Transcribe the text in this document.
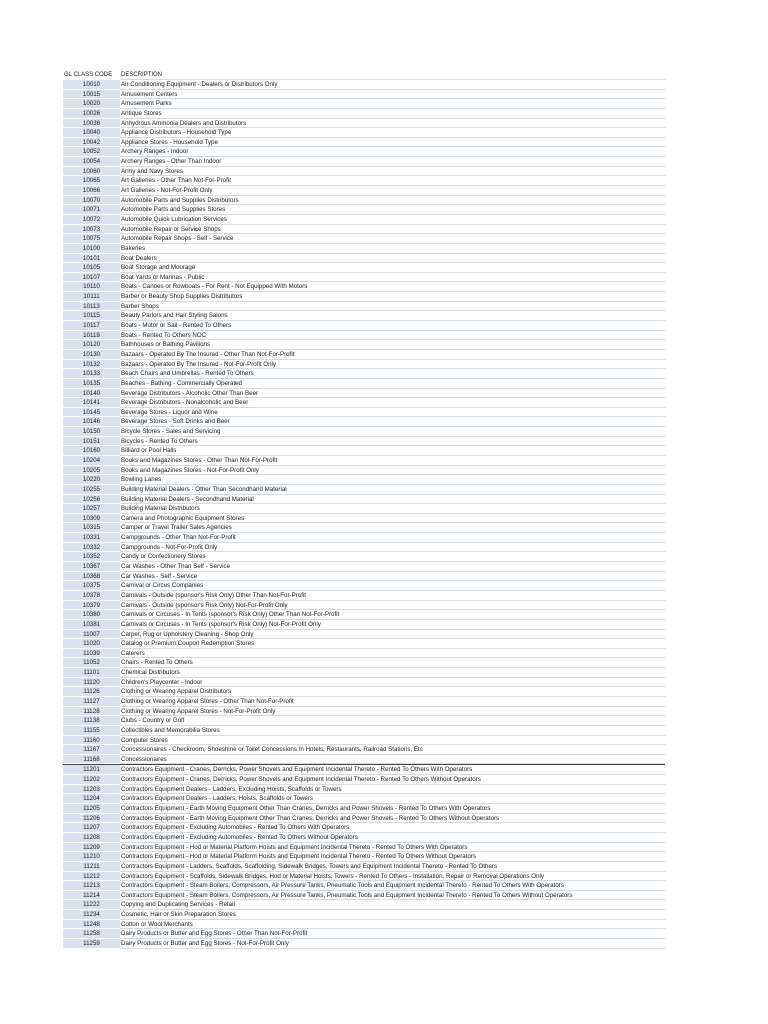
GL CLASS CODE	DESCRIPTION
10010	Air Conditioning Equipment - Dealers or Distributors Only
10015	Amusement Centers
10020	Amusement Parks
10026	Antique Stores
10036	Anhydrous Ammonia Dealers and Distributors
10040	Appliance Distributors - Household Type
10042	Appliance Stores - Household Type
10052	Archery Ranges - Indoor
10054	Archery Ranges - Other Than Indoor
10060	Army and Navy Stores
10065	Art Galleries - Other Than Not-For-Profit
10066	Art Galleries - Not-For-Profit Only
10070	Automobile Parts and Supplies Distributors
10071	Automobile Parts and Supplies Stores
10072	Automobile Quick Lubrication Services
10073	Automobile Repair or Service Shops
10075	Automobile Repair Shops - Self - Service
10100	Bakeries
10101	Boat Dealers
10105	Boat Storage and Moorage
10107	Boat Yards or Marinas - Public
10110	Boats - Canoes or Rowboats - For Rent - Not Equipped With Motors
10111	Barber or Beauty Shop Supplies Distributors
10113	Barber Shops
10115	Beauty Parlors and Hair Styling Salons
10117	Boats - Motor or Sail - Rented To Others
10119	Boats - Rented To Others NOC
10120	Bathhouses or Bathing Pavilions
10130	Bazaars - Operated By The Insured - Other Than Not-For-Profit
10132	Bazaars - Operated By The Insured - Not-For-Profit Only
10133	Beach Chairs and Umbrellas - Rented To Others
10135	Beaches - Bathing - Commercially Operated
10140	Beverage Distributors - Alcoholic Other Than Beer
10141	Beverage Distributors - Nonalcoholic and Beer
10145	Beverage Stores - Liquor and Wine
10146	Beverage Stores - Soft Drinks and Beer
10150	Bicycle Stores - Sales and Servicing
10151	Bicycles - Rented To Others
10160	Billiard or Pool Halls
10204	Books and Magazines Stores - Other Than Not-For-Profit
10205	Books and Magazines Stores - Not-For-Profit Only
10220	Bowling Lanes
10255	Building Material Dealers - Other Than Secondhand Material
10256	Building Material Dealers - Secondhand Material
10257	Building Material Distributors
10309	Camera and Photographic Equipment Stores
10315	Camper or Travel Trailer Sales Agencies
10331	Campgrounds - Other Than Not-For-Profit
10332	Campgrounds - Not-For-Profit Only
10352	Candy or Confectionery Stores
10367	Car Washes - Other Than Self - Service
10368	Car Washes - Self - Service
10375	Carnival or Circus Companies
10378	Carnivals - Outside (sponsor's Risk Only) Other Than Not-For-Profit
10379	Carnivals - Outside (sponsor's Risk Only) Not-For-Profit Only
10380	Carnivals or Circuses - In Tents (sponsor's Risk Only) Other Than Not-For-Profit
10381	Carnivals or Circuses - In Tents (sponsor's Risk Only) Not-For-Profit Only
11007	Carpet, Rug or Upholstery Cleaning - Shop Only
11020	Catalog or Premium Coupon Redemption Stores
11039	Caterers
11052	Chairs - Rented To Others
11101	Chemical Distributors
11120	Children's Playcenter - Indoor
11126	Clothing or Wearing Apparel Distributors
11127	Clothing or Wearing Apparel Stores - Other Than Not-For-Profit
11128	Clothing or Wearing Apparel Stores - Not-For-Profit Only
11138	Clubs - Country or Golf
11155	Collectibles and Memorabilia Stores
11160	Computer Stores
11167	Concessionaires - Checkroom, Shoeshine or Toilet Concessions In Hotels, Restaurants, Railroad Stations, Etc
11168	Concessionaires
11201	Contractors Equipment - Cranes, Derricks, Power Shovels and Equipment Incidental Thereto - Rented To Others With Operators
11202	Contractors Equipment - Cranes, Derricks, Power Shovels and Equipment Incidental Thereto - Rented To Others Without Operators
11203	Contractors Equipment Dealers - Ladders, Excluding Hoists, Scaffolds or Towers
11204	Contractors Equipment Dealers - Ladders, Hoists, Scaffolds or Towers
11205	Contractors Equipment - Earth Moving Equipment Other Than Cranes, Derricks and Power Shovels - Rented To Others With Operators
11206	Contractors Equipment - Earth Moving Equipment Other Than Cranes, Derricks and Power Shovels - Rented To Others Without Operators
11207	Contractors Equipment - Excluding Automobiles - Rented To Others With Operators
11208	Contractors Equipment - Excluding Automobiles - Rented To Others Without Operators
11209	Contractors Equipment - Hod or Material Platform Hoists and Equipment Incidental Thereto - Rented To Others With Operators
11210	Contractors Equipment - Hod or Material Platform Hoists and Equipment Incidental Thereto - Rented To Others Without Operators
11211	Contractors Equipment - Ladders, Scaffolds, Scaffolding, Sidewalk Bridges, Towers and Equipment Incidental Thereto - Rented To Others
11212	Contractors Equipment - Scaffolds, Sidewalk Bridges, Hod or Material Hoists, Towers - Rented To Others - Installation, Repair or Removal Operations Only
11213	Contractors Equipment - Steam Boilers, Compressors, Air Pressure Tanks, Pneumatic Tools and Equipment Incidental Thereto - Rented To Others With Operators
11214	Contractors Equipment - Steam Boilers, Compressors, Air Pressure Tanks, Pneumatic Tools and Equipment Incidental Thereto - Rented To Others Without Operators
11222	Copying and Duplicating Services - Retail
11234	Cosmetic, Hair or Skin Preparation Stores
11248	Cotton or Wool Merchants
11258	Dairy Products or Butter and Egg Stores - Other Than Not-For-Profit
11259	Dairy Products or Butter and Egg Stores - Not-For-Profit Only
